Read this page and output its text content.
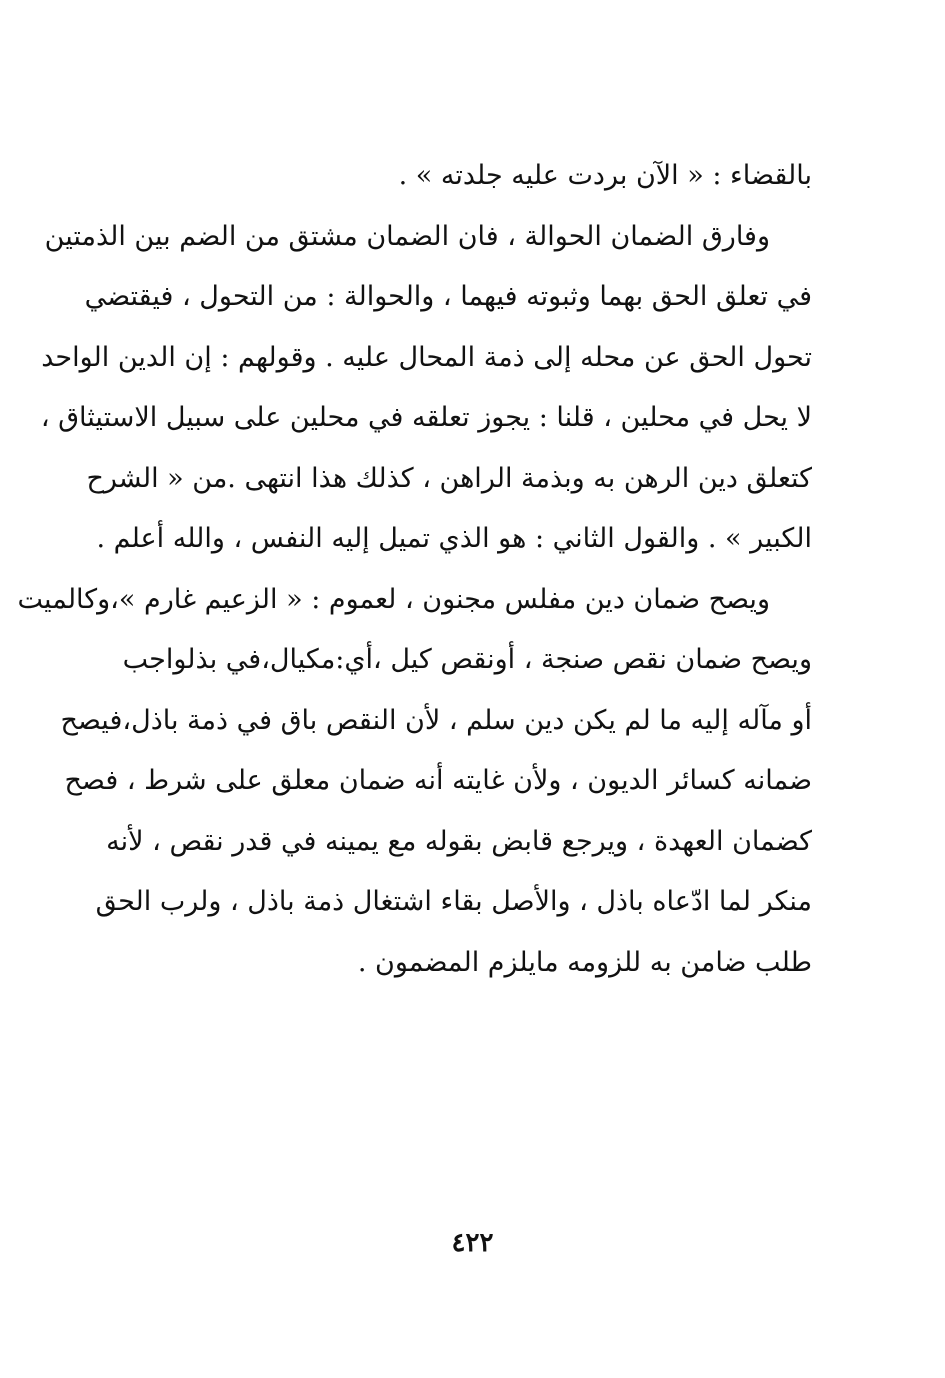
بالقضاء : « الآن بردت عليه جلدته » .
وفارق الضمان الحوالة ، فان الضمان مشتق من الضم بين الذمتين
في تعلق الحق بهما وثبوته فيهما ، والحوالة : من التحول ، فيقتضي
تحول الحق عن محله إلى ذمة المحال عليه . وقولهم : إن الدين الواحد
لا يحل في محلين ، قلنا : يجوز تعلقه في محلين على سبيل الاستيثاق ،
كتعلق دين الرهن به وبذمة الراهن ، كذلك هذا انتهى .من « الشرح
الكبير » . والقول الثاني : هو الذي تميل إليه النفس ، والله أعلم .
ويصح ضمان دين مفلس مجنون ، لعموم : « الزعيم غارم »،وكالميت
ويصح ضمان نقص صنجة ، أونقص كيل ،أي:مكيال،في بذلواجب
أو مآله إليه ما لم يكن دين سلم ، لأن النقص باق في ذمة باذل،فيصح
ضمانه كسائر الديون ، ولأن غايته أنه ضمان معلق على شرط ، فصح
كضمان العهدة ، ويرجع قابض بقوله مع يمينه في قدر نقص ، لأنه
منكر لما ادّعاه باذل ، والأصل بقاء اشتغال ذمة باذل ، ولرب الحق
طلب ضامن به للزومه مايلزم المضمون .
٤٢٢
